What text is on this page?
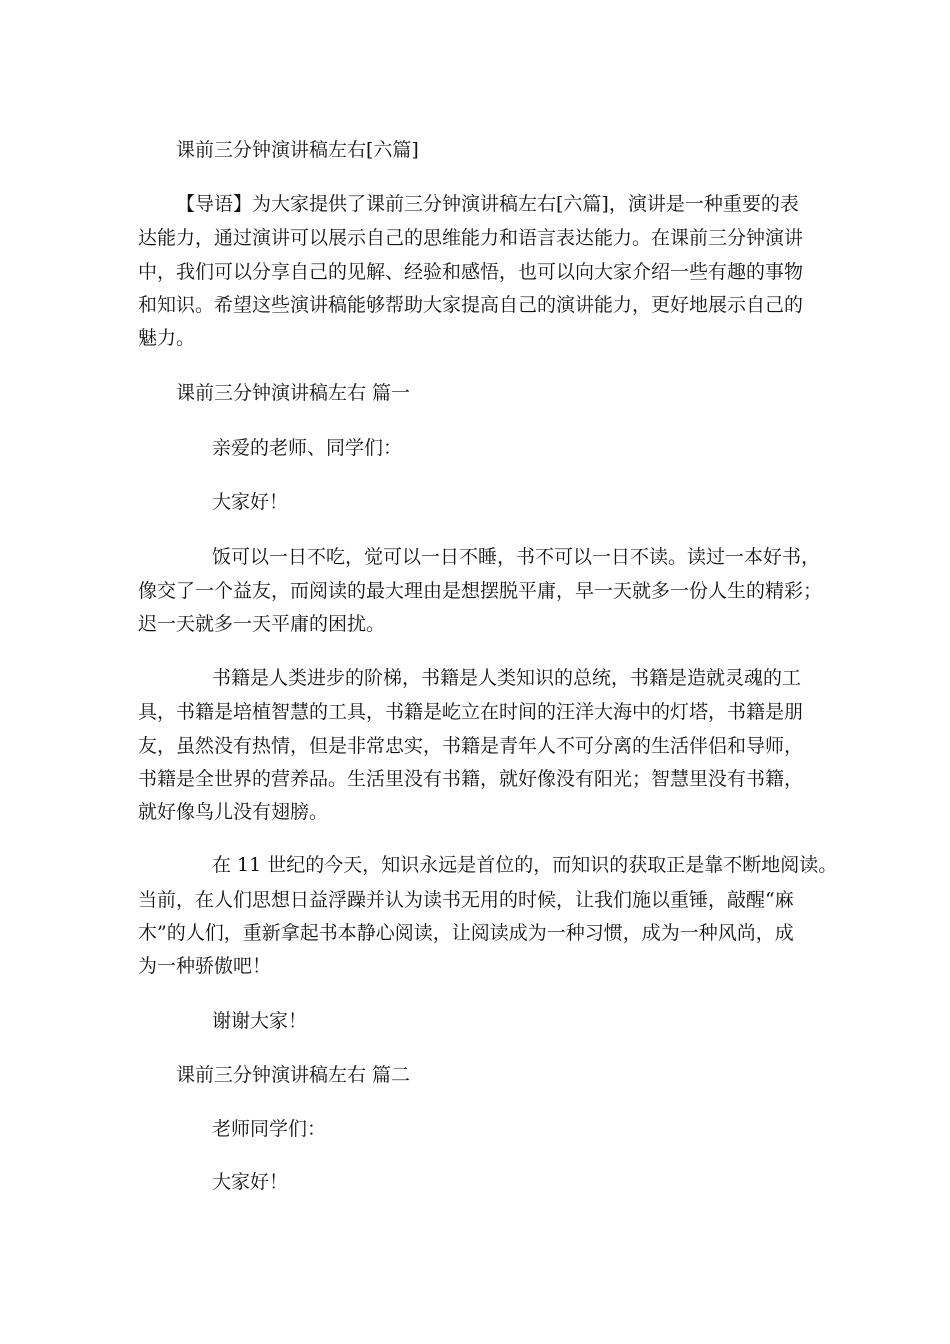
课前三分钟演讲稿左右[六篇]
【导语】为大家提供了课前三分钟演讲稿左右[六篇]，演讲是一种重要的表
达能力，通过演讲可以展示自己的思维能力和语言表达能力。在课前三分钟演讲
中，我们可以分享自己的见解、经验和感悟，也可以向大家介绍一些有趣的事物
和知识。希望这些演讲稿能够帮助大家提高自己的演讲能力，更好地展示自己的
魅力。
课前三分钟演讲稿左右 篇一
亲爱的老师、同学们：
大家好！
饭可以一日不吃，觉可以一日不睡，书不可以一日不读。读过一本好书，
像交了一个益友，而阅读的最大理由是想摆脱平庸，早一天就多一份人生的精彩；
迟一天就多一天平庸的困扰。
书籍是人类进步的阶梯，书籍是人类知识的总统，书籍是造就灵魂的工
具，书籍是培植智慧的工具，书籍是屹立在时间的汪洋大海中的灯塔，书籍是朋
友，虽然没有热情，但是非常忠实，书籍是青年人不可分离的生活伴侣和导师，
书籍是全世界的营养品。生活里没有书籍，就好像没有阳光；智慧里没有书籍，
就好像鸟儿没有翅膀。
在 11 世纪的今天，知识永远是首位的，而知识的获取正是靠不断地阅读。
当前，在人们思想日益浮躁并认为读书无用的时候，让我们施以重锤，敲醒“麻
木”的人们，重新拿起书本静心阅读，让阅读成为一种习惯，成为一种风尚，成
为一种骄傲吧！
谢谢大家！
课前三分钟演讲稿左右 篇二
老师同学们：
大家好！
